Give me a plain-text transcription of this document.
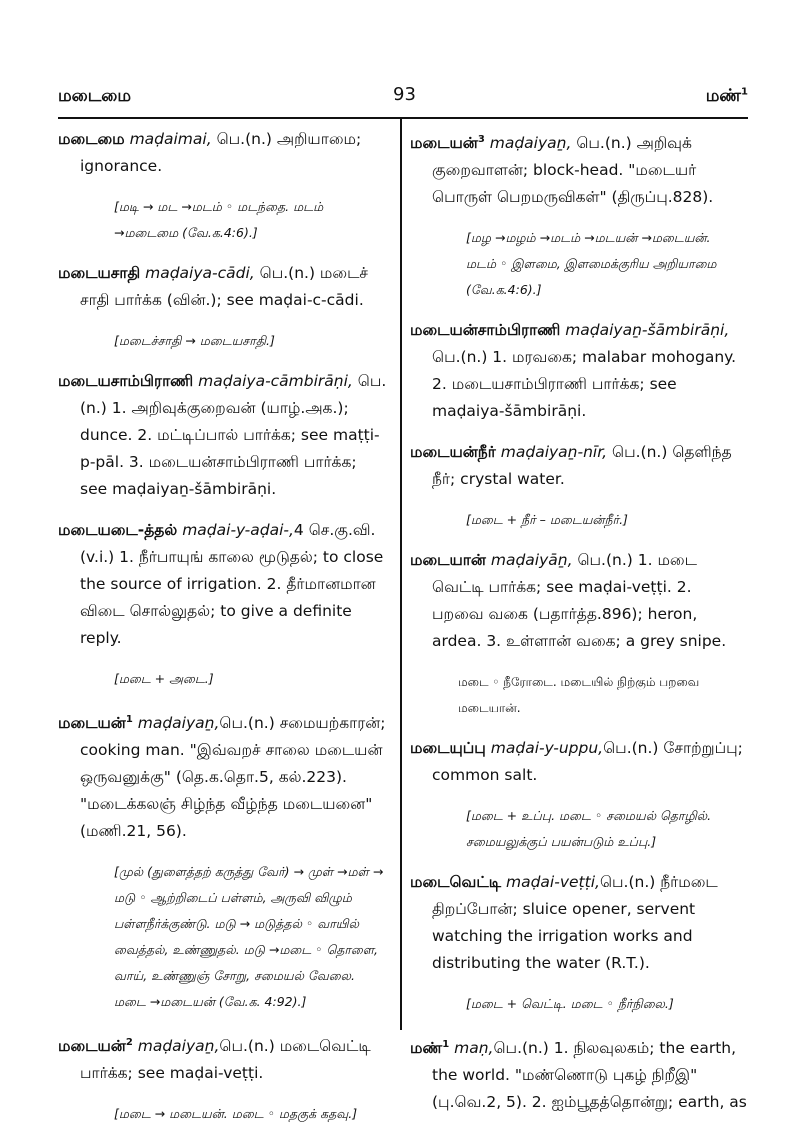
மடைமை	93	மண்$^1$
மடைமை maḍaimai, பெ.(n.) அறியாமை; ignorance.
[மடி → மட →மடம் ◦ மடந்தை. மடம் →மடைமை (வே.க.4:6).]
மடையசாதி maḍaiya-cādi, பெ.(n.) மடைச் சாதி பார்க்க (வின்.); see maḍai-c-cādi.
[மடைச்சாதி → மடையசாதி.]
மடையசாம்பிராணி maḍaiya-cāmbirāṇi, பெ.(n.) 1. அறிவுக்குறைவன் (யாழ்.அக.); dunce. 2. மட்டிப்பால் பார்க்க; see maṭṭi-p-pāl. 3. மடையன்சாம்பிராணி பார்க்க; see maḍaiyaṉ-šāmbirāṇi.
மடையடை-த்தல் maḍai-y-aḍai-,4 செ.கு.வி. (v.i.) 1. நீர்பாயுங் காலை மூடுதல்; to close the source of irrigation. 2. தீர்மானமான விடை சொல்லுதல்; to give a definite reply.
[மடை + அடை.]
மடையன்$^1$ maḍaiyaṉ,பெ.(n.) சமையற்காரன்; cooking man. "இவ்வறச் சாலை மடையன் ஒருவனுக்கு" (தெ.க.தொ.5, கல்.223). "மடைக்கலஞ் சிழ்ந்த வீழ்ந்த மடையனை" (மணி.21, 56).
[முல் (துளைத்தற் கருத்து வேர்) → முள் →மள் → மடு ◦ ஆற்றிடைப் பள்ளம், அருவி விழும் பள்ளநீர்க்குண்டு. மடு → மடுத்தல் ◦ வாயில் வைத்தல், உண்ணுதல். மடு →மடை ◦ தொளை, வாய், உண்ணுஞ் சோறு, சமையல் வேலை. மடை →மடையன் (வே.க. 4:92).]
மடையன்$^2$ maḍaiyaṉ,பெ.(n.) மடைவெட்டி பார்க்க; see maḍai-veṭṭi.
[மடை → மடையன். மடை ◦ மதகுக் கதவு.]
மடையன்$^3$ maḍaiyaṉ, பெ.(n.) அறிவுக் குறைவாளன்; block-head. "மடையர் பொருள் பெறமருவிகள்" (திருப்பு.828).
[மழ →மழம் →மடம் →மடயன் →மடையன். மடம் ◦ இளமை, இளமைக்குரிய அறியாமை (வே.க.4:6).]
மடையன்சாம்பிராணி maḍaiyaṉ-šāmbirāṇi, பெ.(n.) 1. மரவகை; malabar mohogany. 2. மடையசாம்பிராணி பார்க்க; see maḍaiya-šāmbirāṇi.
மடையன்நீர் maḍaiyaṉ-nīr, பெ.(n.) தெளிந்த நீர்; crystal water.
[மடை + நீர் – மடையன்நீர்.]
மடையான் maḍaiyāṉ, பெ.(n.) 1. மடை வெட்டி பார்க்க; see maḍai-veṭṭi. 2. பறவை வகை (பதார்த்த.896); heron, ardea. 3. உள்ளான் வகை; a grey snipe.
மடை ◦ நீரோடை. மடையில் நிற்கும் பறவை மடையான்.
மடையுப்பு maḍai-y-uppu,பெ.(n.) சோற்றுப்பு; common salt.
[மடை + உப்பு. மடை ◦ சமையல் தொழில். சமையலுக்குப் பயன்படும் உப்பு.]
மடைவெட்டி maḍai-veṭṭi,பெ.(n.) நீர்மடை திறப்போன்; sluice opener, servent watching the irrigation works and distributing the water (R.T.).
[மடை + வெட்டி. மடை ◦ நீர்நிலை.]
மண்$^1$ maṇ,பெ.(n.) 1. நிலவுலகம்; the earth, the world. "மண்ணொடு புகழ் நிறீஇ" (பு.வெ.2, 5). 2. ஐம்பூதத்தொன்று; earth, as
